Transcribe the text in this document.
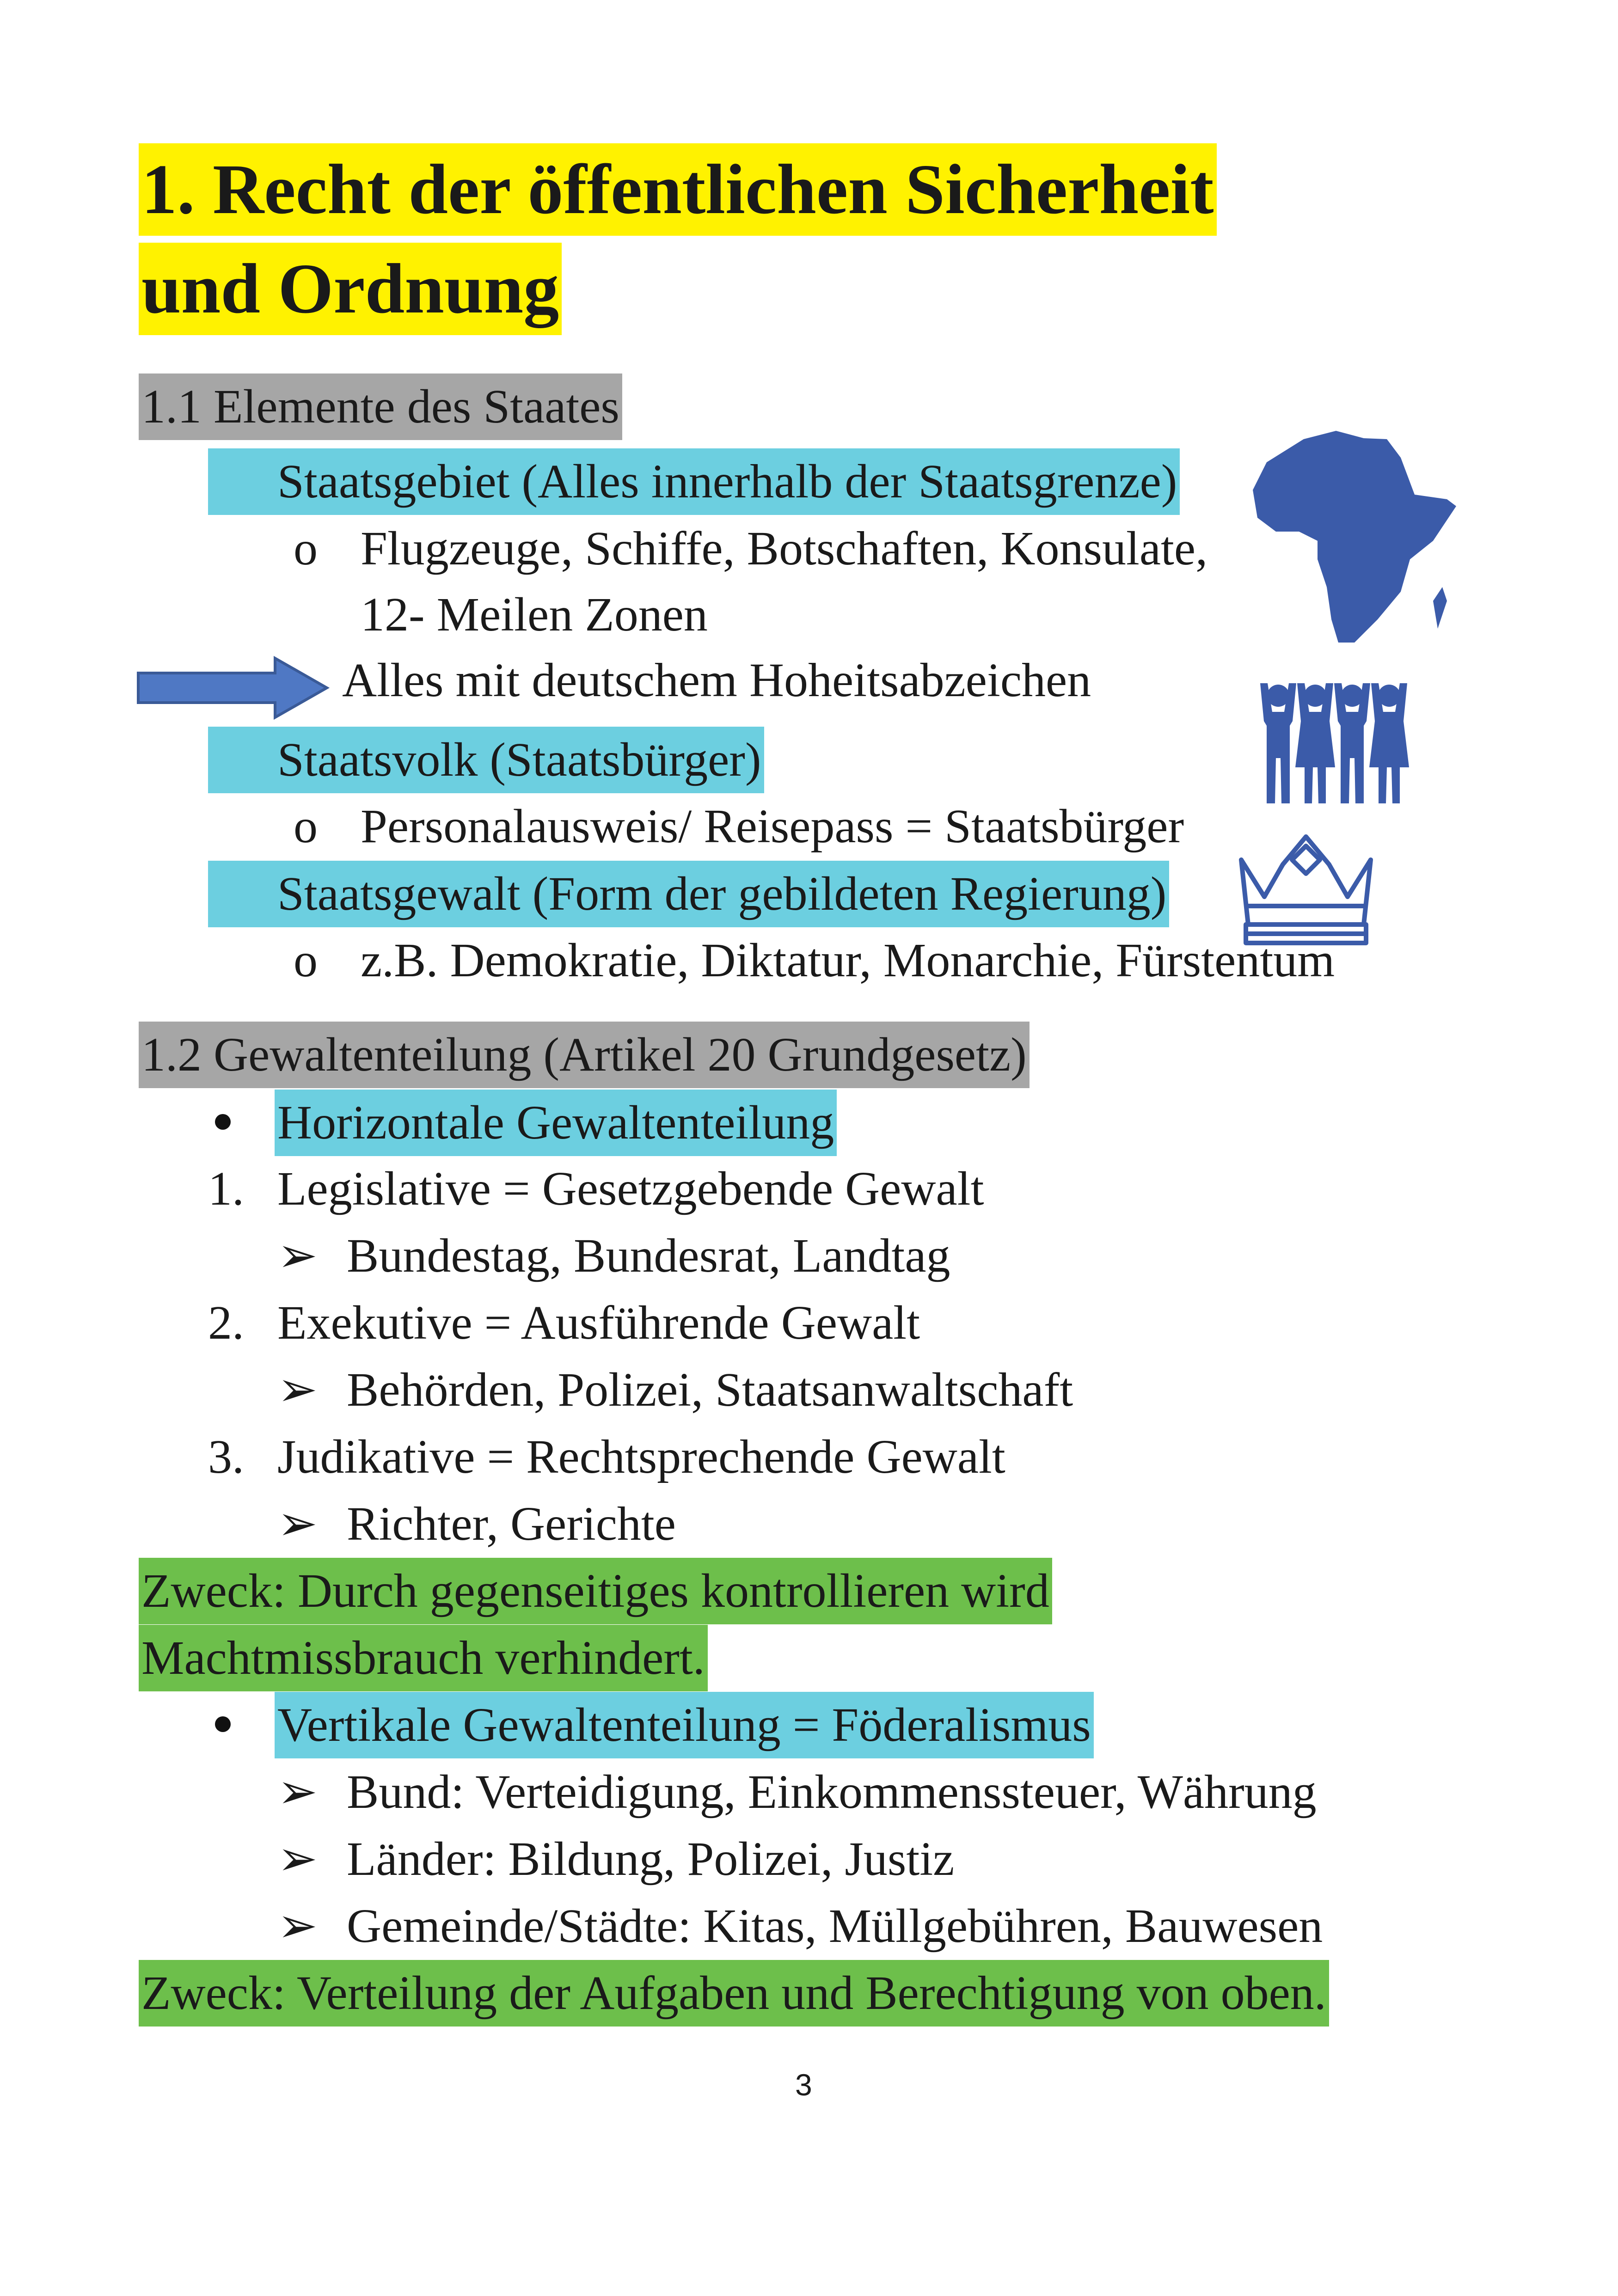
1. Recht der öffentlichen Sicherheit
und Ordnung
1.1 Elemente des Staates
Staatsgebiet (Alles innerhalb der Staatsgrenze)
o Flugzeuge, Schiffe, Botschaften, Konsulate,
12- Meilen Zonen
Alles mit deutschem Hoheitsabzeichen
Staatsvolk (Staatsbürger)
o Personalausweis/ Reisepass = Staatsbürger
Staatsgewalt (Form der gebildeten Regierung)
o z.B. Demokratie, Diktatur, Monarchie, Fürstentum
1.2 Gewaltenteilung (Artikel 20 Grundgesetz)
Horizontale Gewaltenteilung
1. Legislative = Gesetzgebende Gewalt
➢ Bundestag, Bundesrat, Landtag
2. Exekutive = Ausführende Gewalt
➢ Behörden, Polizei, Staatsanwaltschaft
3. Judikative = Rechtsprechende Gewalt
➢ Richter, Gerichte
Zweck: Durch gegenseitiges kontrollieren wird
Machtmissbrauch verhindert.
Vertikale Gewaltenteilung = Föderalismus
➢ Bund: Verteidigung, Einkommenssteuer, Währung
➢ Länder: Bildung, Polizei, Justiz
➢ Gemeinde/Städte: Kitas, Müllgebühren, Bauwesen
Zweck: Verteilung der Aufgaben und Berechtigung von oben.
3
